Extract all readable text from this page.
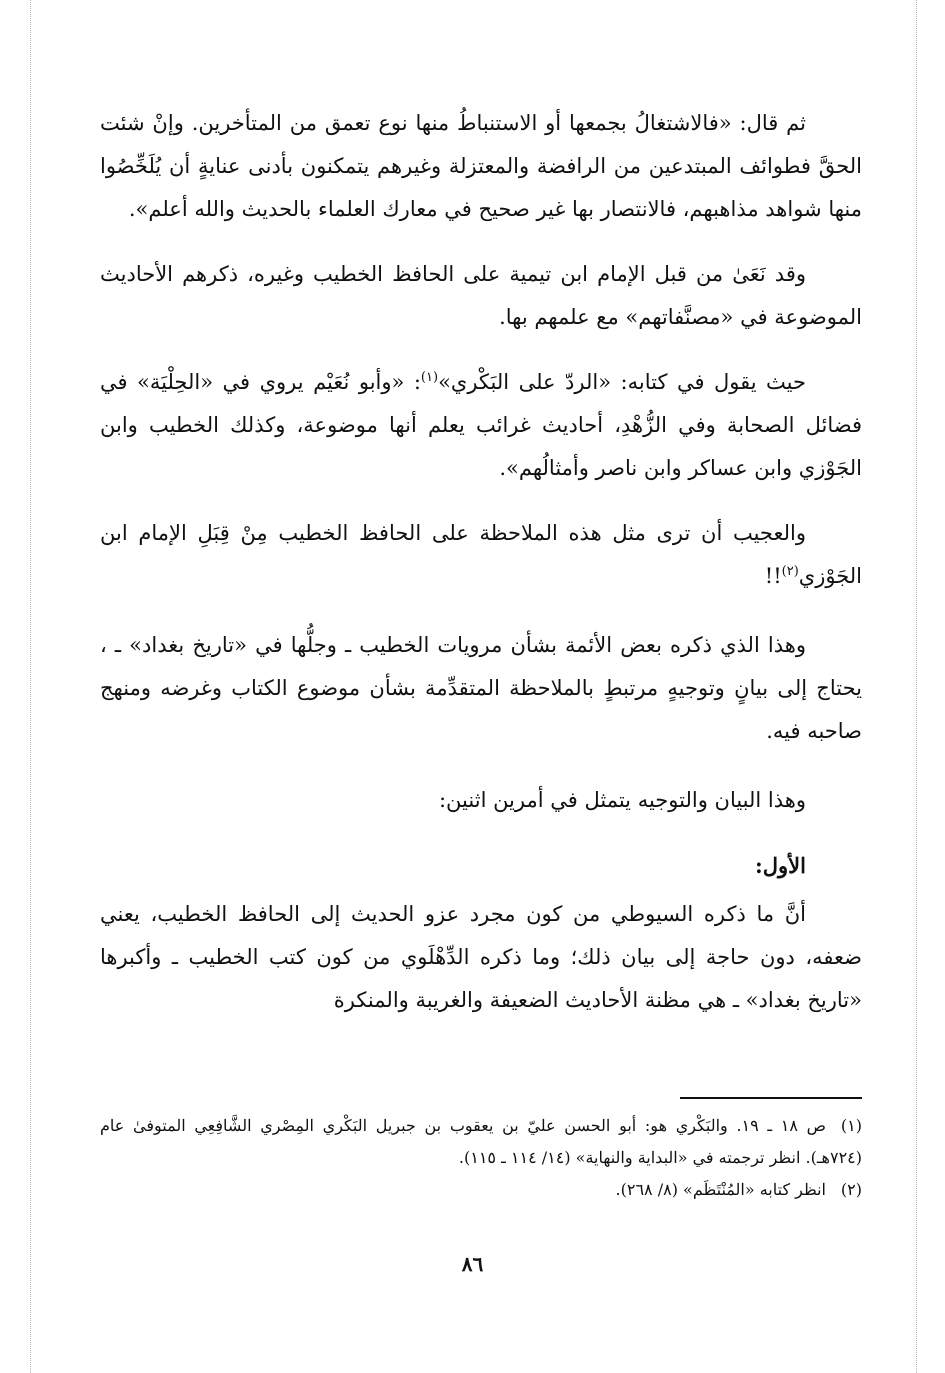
ثم قال: «فالاشتغالُ بجمعها أو الاستنباطُ منها نوع تعمق من المتأخرين. وإنْ شئت الحقَّ فطوائف المبتدعين من الرافضة والمعتزلة وغيرهم يتمكنون بأدنى عنايةٍ أن يُلَخِّصُوا منها شواهد مذاهبهم، فالانتصار بها غير صحيح في معارك العلماء بالحديث والله أعلم».

وقد نَعَىٰ من قبل الإمام ابن تيمية على الحافظ الخطيب وغيره، ذكرهم الأحاديث الموضوعة في «مصنَّفاتهم» مع علمهم بها.

حيث يقول في كتابه: «الردّ على البَكْري»$^{(١)}$: «وأبو نُعَيْم يروي في «الحِلْيَة» في فضائل الصحابة وفي الزُّهْدِ، أحاديث غرائب يعلم أنها موضوعة، وكذلك الخطيب وابن الجَوْزي وابن عساكر وابن ناصر وأمثالُهم».

والعجيب أن ترى مثل هذه الملاحظة على الحافظ الخطيب مِنْ قِبَلِ الإمام ابن الجَوْزي$^{(٢)}$!!

وهذا الذي ذكره بعض الأئمة بشأن مرويات الخطيب ـ وجلُّها في «تاريخ بغداد» ـ ، يحتاج إلى بيانٍ وتوجيهٍ مرتبطٍ بالملاحظة المتقدِّمة بشأن موضوع الكتاب وغرضه ومنهج صاحبه فيه.

وهذا البيان والتوجيه يتمثل في أمرين اثنين:

الأول:

أنَّ ما ذكره السيوطي من كون مجرد عزو الحديث إلى الحافظ الخطيب، يعني ضعفه، دون حاجة إلى بيان ذلك؛ وما ذكره الدِّهْلَوي من كون كتب الخطيب ـ وأكبرها «تاريخ بغداد» ـ هي مظنة الأحاديث الضعيفة والغريبة والمنكرة

(١)ص ١٨ ـ ١٩. والبَكْري هو: أبو الحسن عليّ بن يعقوب بن جبريل البَكْري المِصْري الشَّافِعِي المتوفىٰ عام (٧٢٤هـ). انظر ترجمته في «البداية والنهاية» (١٤/ ١١٤ ـ ١١٥).

(٢)انظر كتابه «المُنْتَظَم» (٨/ ٢٦٨).

٨٦
